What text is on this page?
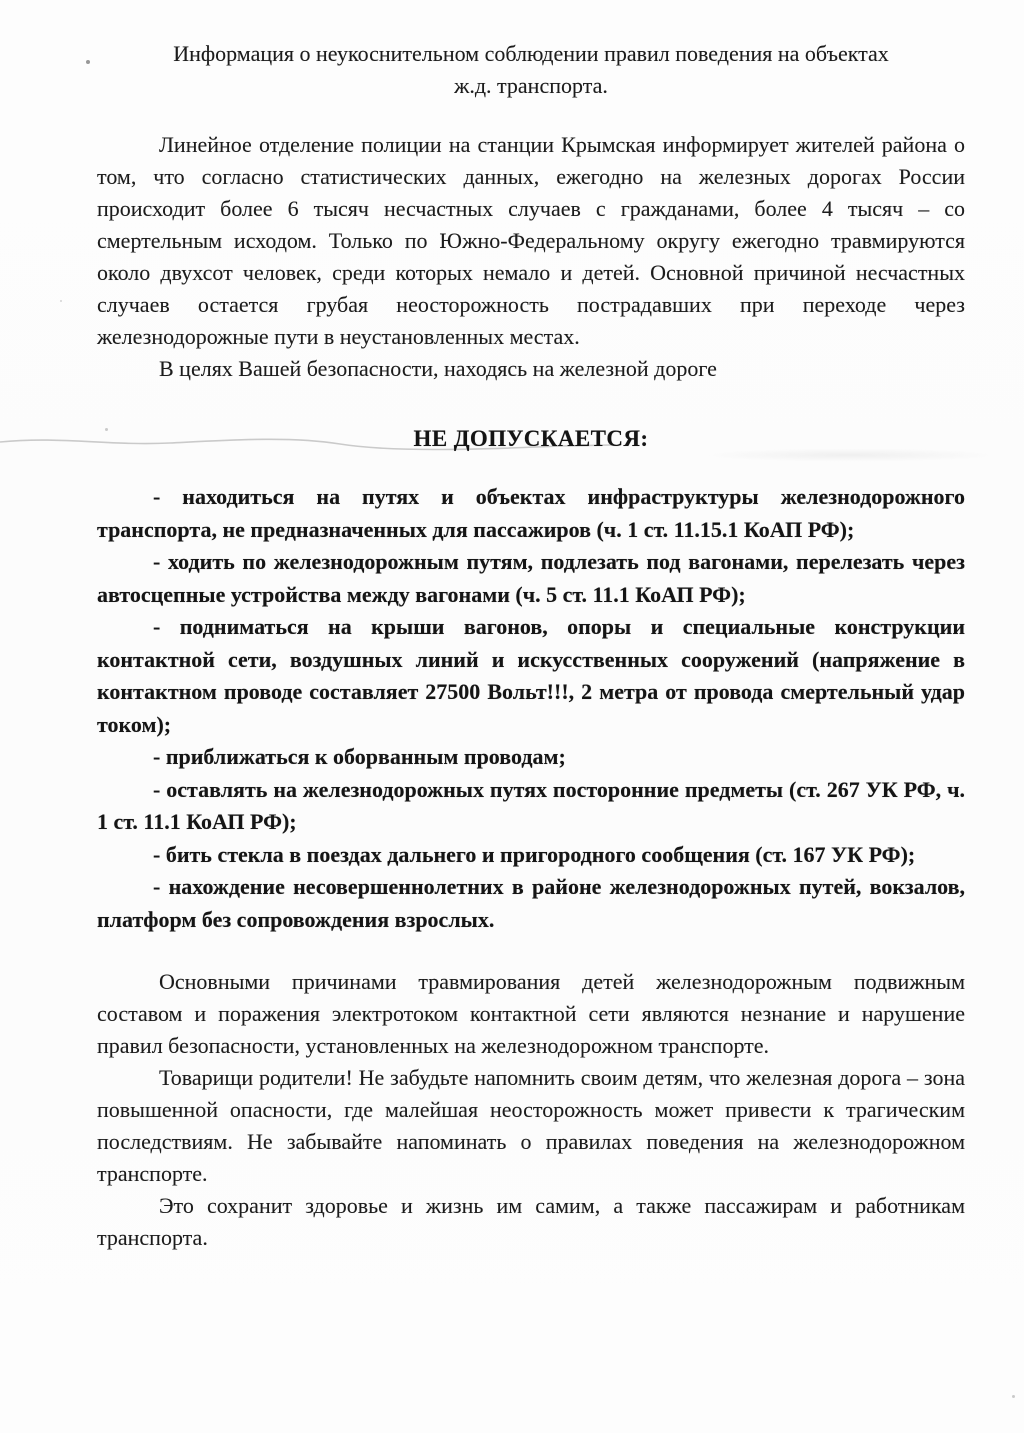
Информация о неукоснительном соблюдении правил поведения на объектах
ж.д. транспорта.

Линейное отделение полиции на станции Крымская информирует жителей района о том, что согласно статистических данных, ежегодно на железных дорогах России происходит более 6 тысяч несчастных случаев с гражданами, более 4 тысяч – со смертельным исходом. Только по Южно-Федеральному округу ежегодно травмируются около двухсот человек, среди которых немало и детей. Основной причиной несчастных случаев остается грубая неосторожность пострадавших при переходе через железнодорожные пути в неустановленных местах.

В целях Вашей безопасности, находясь на железной дороге

НЕ ДОПУСКАЕТСЯ:

- находиться на путях и объектах инфраструктуры железнодорожного транспорта, не предназначенных для пассажиров (ч. 1 ст. 11.15.1 КоАП РФ);

- ходить по железнодорожным путям, подлезать под вагонами, перелезать через автосцепные устройства между вагонами (ч. 5 ст. 11.1 КоАП РФ);

- подниматься на крыши вагонов, опоры и специальные конструкции контактной сети, воздушных линий и искусственных сооружений (напряжение в контактном проводе составляет 27500 Вольт!!!, 2 метра от провода смертельный удар током);

- приближаться к оборванным проводам;

- оставлять на железнодорожных путях посторонние предметы (ст. 267 УК РФ, ч. 1 ст. 11.1 КоАП РФ);

- бить стекла в поездах дальнего и пригородного сообщения (ст. 167 УК РФ);

- нахождение несовершеннолетних в районе железнодорожных путей, вокзалов, платформ без сопровождения взрослых.

Основными причинами травмирования детей железнодорожным подвижным составом и поражения электротоком контактной сети являются незнание и нарушение правил безопасности, установленных на железнодорожном транспорте.

Товарищи родители! Не забудьте напомнить своим детям, что железная дорога – зона повышенной опасности, где малейшая неосторожность может привести к трагическим последствиям. Не забывайте напоминать о правилах поведения на железнодорожном транспорте.

Это сохранит здоровье и жизнь им самим, а также пассажирам и работникам транспорта.
